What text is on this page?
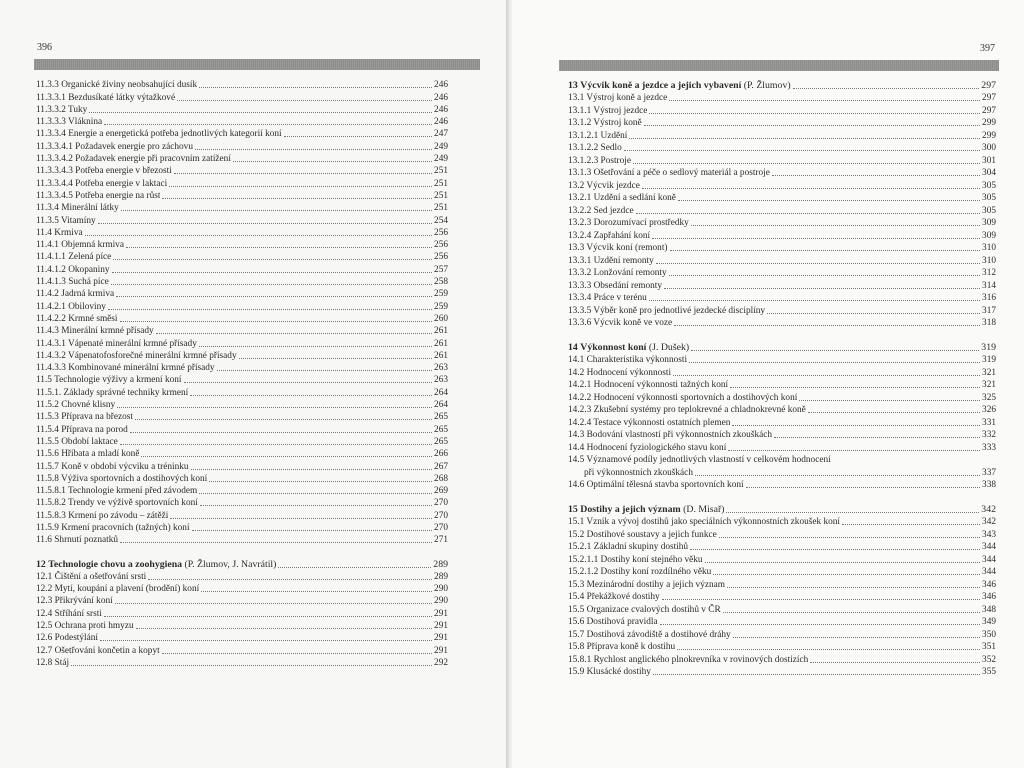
396
11.3.3 Organické živiny neobsahující dusík	246
11.3.3.1 Bezdusíkaté látky výtažkové	246
11.3.3.2 Tuky	246
11.3.3.3 Vláknina	246
11.3.3.4 Energie a energetická potřeba jednotlivých kategorií koní	247
11.3.3.4.1 Požadavek energie pro záchovu	249
11.3.3.4.2 Požadavek energie při pracovním zatížení	249
11.3.3.4.3 Potřeba energie v březosti	251
11.3.3.4.4 Potřeba energie v laktaci	251
11.3.3.4.5 Potřeba energie na růst	251
11.3.4 Minerální látky	251
11.3.5 Vitamíny	254
11.4 Krmiva	256
11.4.1 Objemná krmiva	256
11.4.1.1 Zelená píce	256
11.4.1.2 Okopaniny	257
11.4.1.3 Suchá píce	258
11.4.2 Jadrná krmiva	259
11.4.2.1 Obiloviny	259
11.4.2.2 Krmné směsi	260
11.4.3 Minerální krmné přísady	261
11.4.3.1 Vápenaté minerální krmné přísady	261
11.4.3.2 Vápenatofosforečné minerální krmné přísady	261
11.4.3.3 Kombinované minerální krmné přísady	263
11.5 Technologie výživy a krmení koní	263
11.5.1. Základy správné techniky krmení	264
11.5.2 Chovné klisny	264
11.5.3 Příprava na březost	265
11.5.4 Příprava na porod	265
11.5.5 Období laktace	265
11.5.6 Hříbata a mladí koně	266
11.5.7 Koně v období výcviku a tréninku	267
11.5.8 Výživa sportovních a dostihových koní	268
11.5.8.1 Technologie krmení před závodem	269
11.5.8.2 Trendy ve výživě sportovních koní	270
11.5.8.3 Krmení po závodu – zátěži	270
11.5.9 Krmení pracovních (tažných) koní	270
11.6 Shrnutí poznatků	271
12 Technologie chovu a zoohygiena (P. Žlumov, J. Navrátil)	289
12.1 Čištění a ošetřování srsti	289
12.2 Mytí, koupání a plavení (brodění) koní	290
12.3 Přikrývání koní	290
12.4 Stříhání srsti	291
12.5 Ochrana proti hmyzu	291
12.6 Podestýlání	291
12.7 Ošetřování končetin a kopyt	291
12.8 Stáj	292
397
13 Výcvik koně a jezdce a jejich vybavení (P. Žlumov)	297
13.1 Výstroj koně a jezdce	297
13.1.1 Výstroj jezdce	297
13.1.2 Výstroj koně	299
13.1.2.1 Uzdění	299
13.1.2.2 Sedlo	300
13.1.2.3 Postroje	301
13.1.3 Ošetřování a péče o sedlový materiál a postroje	304
13.2 Výcvik jezdce	305
13.2.1 Uzdění a sedlání koně	305
13.2.2 Sed jezdce	305
13.2.3 Dorozumívací prostředky	309
13.2.4 Zapřahání koní	309
13.3 Výcvik koní (remont)	310
13.3.1 Uzdění remonty	310
13.3.2 Lonžování remonty	312
13.3.3 Obsedání remonty	314
13.3.4 Práce v terénu	316
13.3.5 Výběr koně pro jednotlivé jezdecké disciplíny	317
13.3.6 Výcvik koně ve voze	318
14 Výkonnost koní (J. Dušek)	319
14.1 Charakteristika výkonnosti	319
14.2 Hodnocení výkonnosti	321
14.2.1 Hodnocení výkonnosti tažných koní	321
14.2.2 Hodnocení výkonnosti sportovních a dostihových koní	325
14.2.3 Zkušební systémy pro teplokrevné a chladnokrevné koně	326
14.2.4 Testace výkonnosti ostatních plemen	331
14.3 Bodování vlastností při výkonnostních zkouškách	332
14.4 Hodnocení fyziologického stavu koní	333
14.5 Významové podíly jednotlivých vlastností v celkovém hodnocení
při výkonnostních zkouškách	337
14.6 Optimální tělesná stavba sportovních koní	338
15 Dostihy a jejich význam (D. Misař)	342
15.1 Vznik a vývoj dostihů jako speciálních výkonnostních zkoušek koní	342
15.2 Dostihové soustavy a jejich funkce	343
15.2.1 Základní skupiny dostihů	344
15.2.1.1 Dostihy koní stejného věku	344
15.2.1.2 Dostihy koní rozdílného věku	344
15.3 Mezinárodní dostihy a jejich význam	346
15.4 Překážkové dostihy	346
15.5 Organizace cvalových dostihů v ČR	348
15.6 Dostihová pravidla	349
15.7 Dostihová závodiště a dostihové dráhy	350
15.8 Příprava koně k dostihu	351
15.8.1 Rychlost anglického plnokrevníka v rovinových dostizích	352
15.9 Klusácké dostihy	355
